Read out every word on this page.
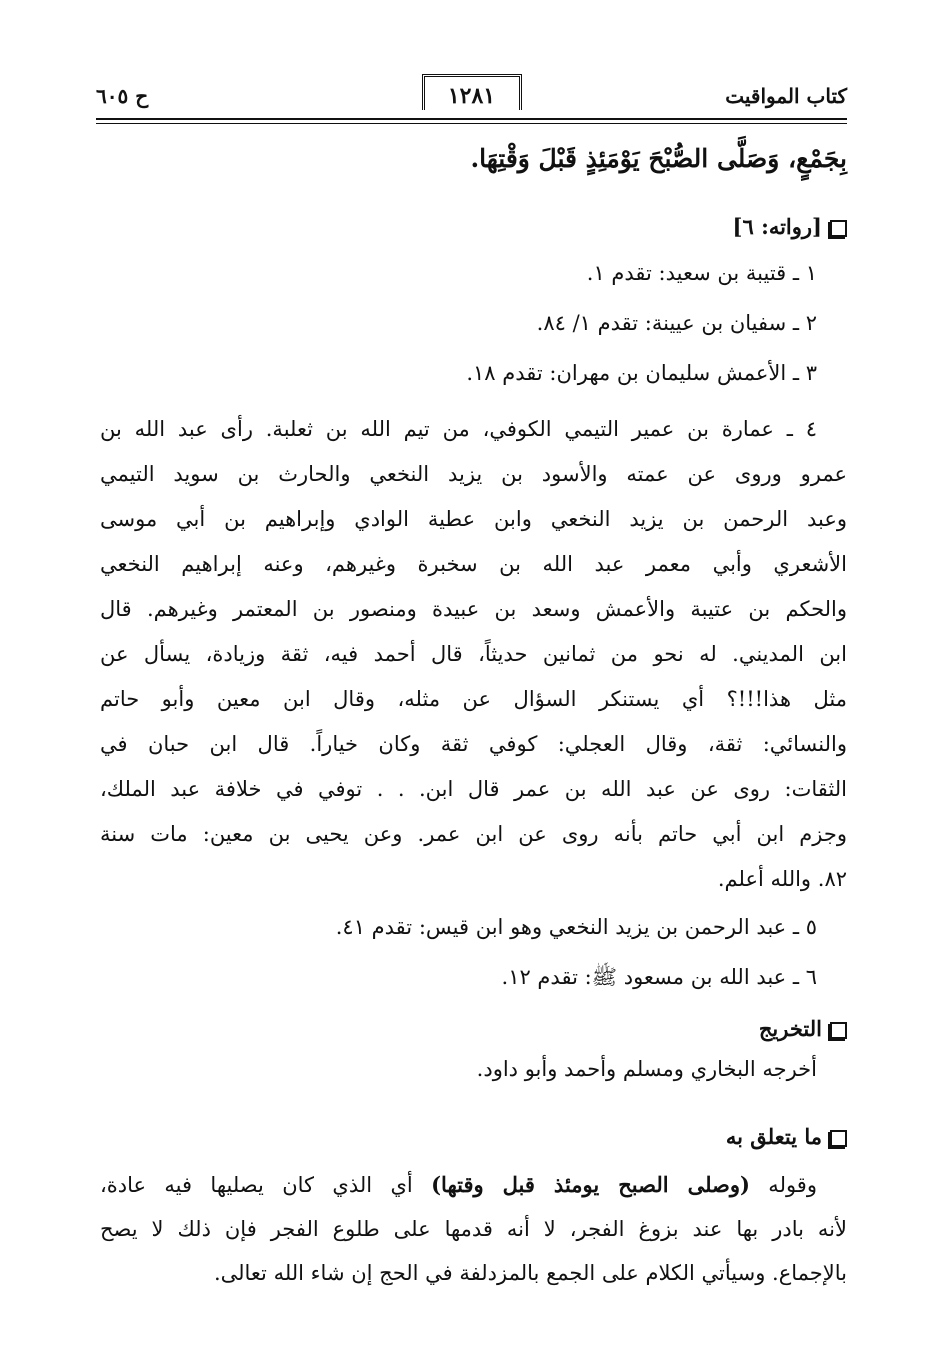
كتاب المواقيت
١٢٨١
ح ٦٠٥
بِجَمْعٍ، وَصَلَّى الصُّبْحَ يَوْمَئِذٍ قَبْلَ وَقْتِهَا.
[رواته: ٦]
١ ـ قتيبة بن سعيد: تقدم ١.
٢ ـ سفيان بن عيينة: تقدم ١/ ٨٤.
٣ ـ الأعمش سليمان بن مهران: تقدم ١٨.
٤ ـ عمارة بن عمير التيمي الكوفي، من تيم الله بن ثعلبة. رأى عبد الله بن
عمرو وروى عن عمته والأسود بن يزيد النخعي والحارث بن سويد التيمي
وعبد الرحمن بن يزيد النخعي وابن عطية الوادي وإبراهيم بن أبي موسى
الأشعري وأبي معمر عبد الله بن سخبرة وغيرهم، وعنه إبراهيم النخعي
والحكم بن عتيبة والأعمش وسعد بن عبيدة ومنصور بن المعتمر وغيرهم. قال
ابن المديني. له نحو من ثمانين حديثاً، قال أحمد فيه، ثقة وزيادة، يسأل عن
مثل هذا!!!؟ أي يستنكر السؤال عن مثله، وقال ابن معين وأبو حاتم
والنسائي: ثقة، وقال العجلي: كوفي ثقة وكان خياراً. قال ابن حبان في
الثقات: روى عن عبد الله بن عمر قال ابن. . . توفي في خلافة عبد الملك،
وجزم ابن أبي حاتم بأنه روى عن ابن عمر. وعن يحيى بن معين: مات سنة
٨٢. والله أعلم.
٥ ـ عبد الرحمن بن يزيد النخعي وهو ابن قيس: تقدم ٤١.
٦ ـ عبد الله بن مسعود ﷺ: تقدم ١٢.
التخريج
أخرجه البخاري ومسلم وأحمد وأبو داود.
ما يتعلق به
وقوله (وصلى الصبح يومئذ قبل وقتها) أي الذي كان يصليها فيه عادة،
لأنه بادر بها عند بزوغ الفجر، لا أنه قدمها على طلوع الفجر فإن ذلك لا يصح
بالإجماع. وسيأتي الكلام على الجمع بالمزدلفة في الحج إن شاء الله تعالى.
